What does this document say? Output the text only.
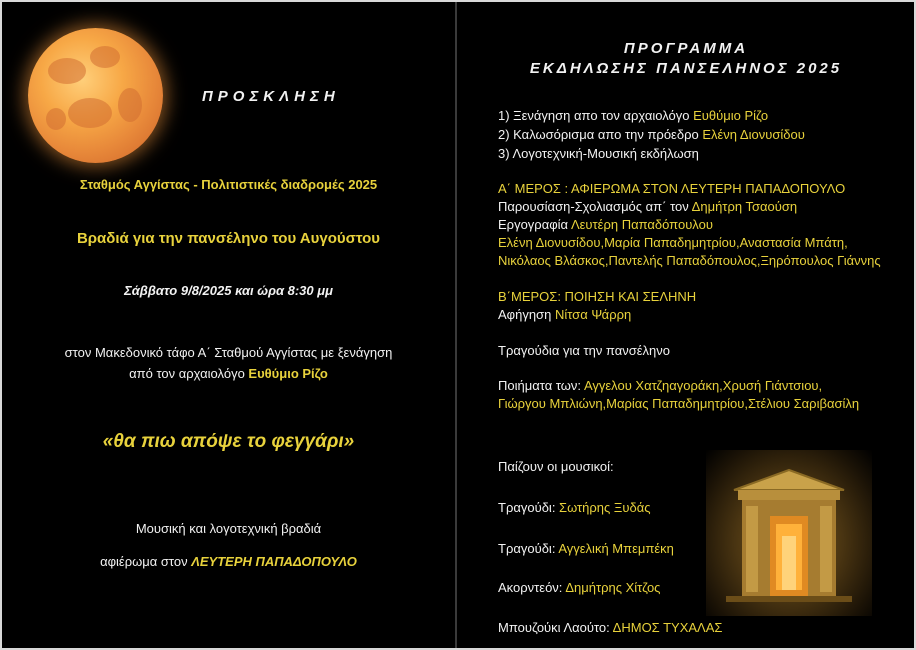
ΠΡΟΣΚΛΗΣΗ
Σταθμός Αγγίστας - Πολιτιστικές διαδρομές 2025
Βραδιά για την πανσέληνο του Αυγούστου
Σάββατο 9/8/2025 και ώρα 8:30 μμ
στον Μακεδονικό τάφο Α΄ Σταθμού Αγγίστας με ξενάγηση
από τον αρχαιολόγο Ευθύμιο Ρίζο
«θα πιω απόψε το φεγγάρι»
Μουσική και λογοτεχνική βραδιά
αφιέρωμα στον ΛΕΥΤΕΡΗ ΠΑΠΑΔΟΠΟΥΛΟ
ΠΡΟΓΡΑΜΜΑ
ΕΚΔΗΛΩΣΗΣ ΠΑΝΣΕΛΗΝΟΣ 2025
1) Ξενάγηση απο τον αρχαιολόγο Ευθύμιο Ρίζο
2) Καλωσόρισμα απο την πρόεδρο Ελένη Διονυσίδου
3) Λογοτεχνική-Μουσική εκδήλωση
Α΄ ΜΕΡΟΣ : ΑΦΙΕΡΩΜΑ ΣΤΟΝ ΛΕΥΤΕΡΗ ΠΑΠΑΔΟΠΟΥΛΟ
Παρουσίαση-Σχολιασμός απ΄ τον Δημήτρη Τσαούση
Εργογραφία Λευτέρη Παπαδόπουλου
Ελένη Διονυσίδου,Μαρία Παπαδημητρίου,Αναστασία Μπάτη,
Νικόλαος Βλάσκος,Παντελής Παπαδόπουλος,Ξηρόπουλος Γιάννης
Β΄ΜΕΡΟΣ: ΠΟΙΗΣΗ ΚΑΙ ΣΕΛΗΝΗ
Αφήγηση Νίτσα Ψάρρη
Τραγούδια για την πανσέληνο
Ποιήματα των: Αγγελου Χατζηαγοράκη,Χρυσή Γιάντσιου,
Γιώργου Μπλιώνη,Μαρίας Παπαδημητρίου,Στέλιου Σαριβασίλη
Παίζουν οι μουσικοί:
Τραγούδι: Σωτήρης Ξυδάς
Τραγούδι: Αγγελική Μπεμπέκη
Ακορντεόν: Δημήτρης Χίτζος
Μπουζούκι Λαούτο: ΔΗΜΟΣ ΤΥΧΑΛΑΣ
